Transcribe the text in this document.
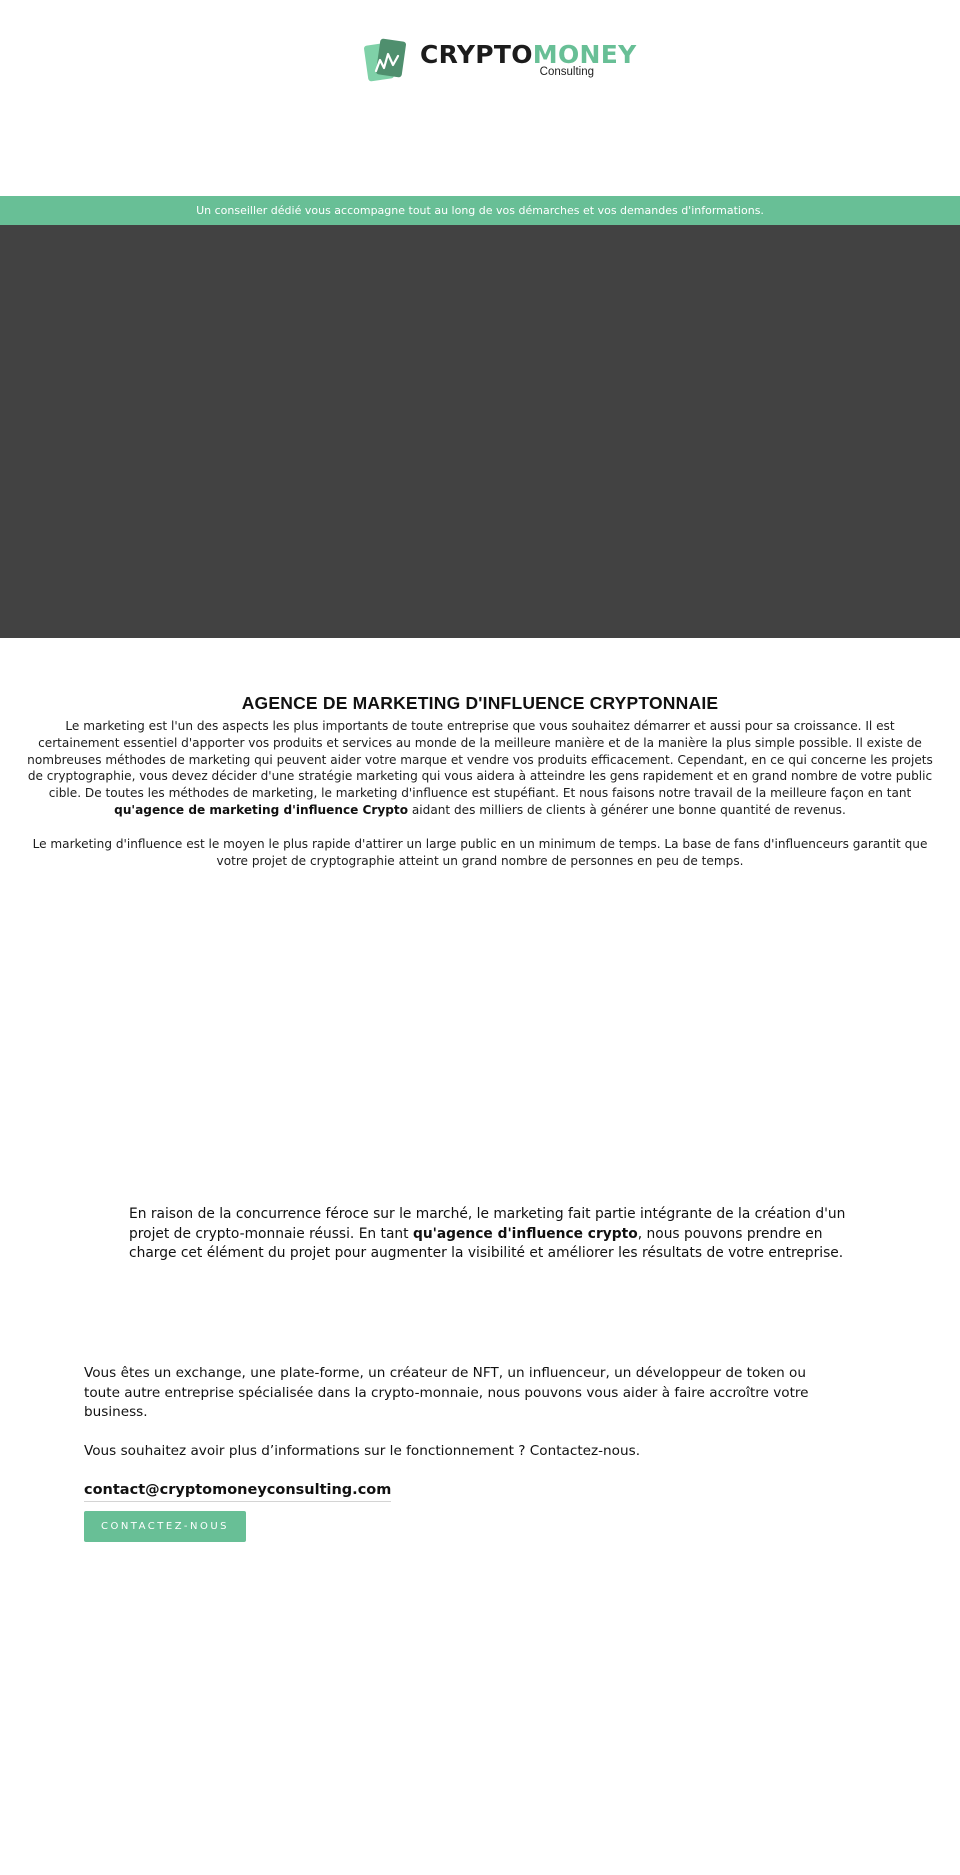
CRYPTOMONEY
Consulting
Un conseiller dédié vous accompagne tout au long de vos démarches et vos demandes d'informations.
AGENCE DE MARKETING D'INFLUENCE CRYPTONNAIE

Le marketing est l'un des aspects les plus importants de toute entreprise que vous souhaitez démarrer et aussi pour sa croissance. Il est certainement essentiel d'apporter vos produits et services au monde de la meilleure manière et de la manière la plus simple possible. Il existe de nombreuses méthodes de marketing qui peuvent aider votre marque et vendre vos produits efficacement. Cependant, en ce qui concerne les projets de cryptographie, vous devez décider d'une stratégie marketing qui vous aidera à atteindre les gens rapidement et en grand nombre de votre public cible. De toutes les méthodes de marketing, le marketing d'influence est stupéfiant. Et nous faisons notre travail de la meilleure façon en tant qu'agence de marketing d'influence Crypto aidant des milliers de clients à générer une bonne quantité de revenus.

Le marketing d'influence est le moyen le plus rapide d'attirer un large public en un minimum de temps. La base de fans d'influenceurs garantit que votre projet de cryptographie atteint un grand nombre de personnes en peu de temps.

En raison de la concurrence féroce sur le marché, le marketing fait partie intégrante de la création d'un projet de crypto-monnaie réussi. En tant qu'agence d'influence crypto, nous pouvons prendre en charge cet élément du projet pour augmenter la visibilité et améliorer les résultats de votre entreprise.

Vous êtes un exchange, une plate-forme, un créateur de NFT, un influenceur, un développeur de token ou toute autre entreprise spécialisée dans la crypto-monnaie, nous pouvons vous aider à faire accroître votre business.

Vous souhaitez avoir plus d’informations sur le fonctionnement ? Contactez-nous.

contact@cryptomoneyconsulting.com
CONTACTEZ-NOUS
